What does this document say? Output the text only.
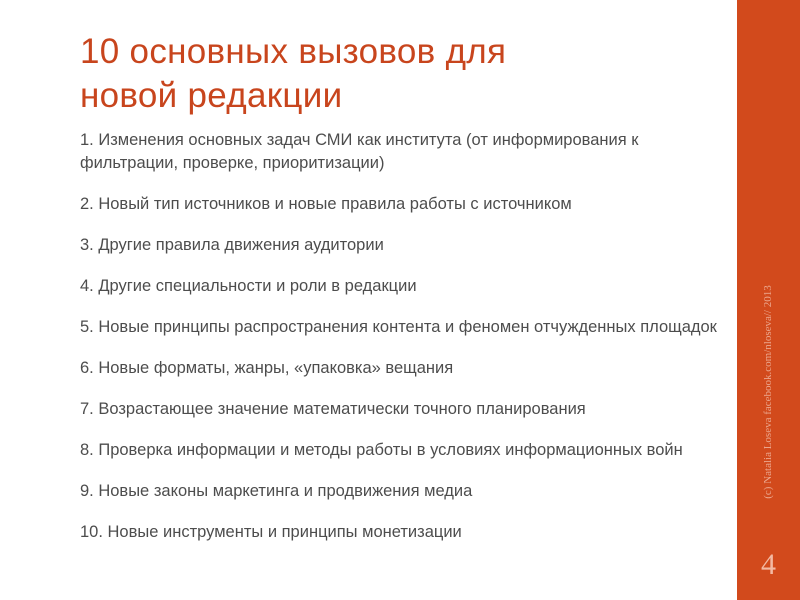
10 основных вызовов для
новой редакции
1. Изменения основных задач СМИ как института (от информирования к фильтрации, проверке, приоритизации)
2. Новый тип источников и новые правила работы с источником
3. Другие правила движения аудитории
4. Другие специальности и роли в редакции
5. Новые принципы распространения контента и феномен отчужденных площадок
6. Новые форматы, жанры, «упаковка» вещания
7. Возрастающее значение математически точного планирования
8. Проверка информации и методы работы в условиях информационных войн
9. Новые законы маркетинга и продвижения медиа
10. Новые инструменты и принципы монетизации
(c) Natalia Loseva facebook.com/nloseva// 2013
4
